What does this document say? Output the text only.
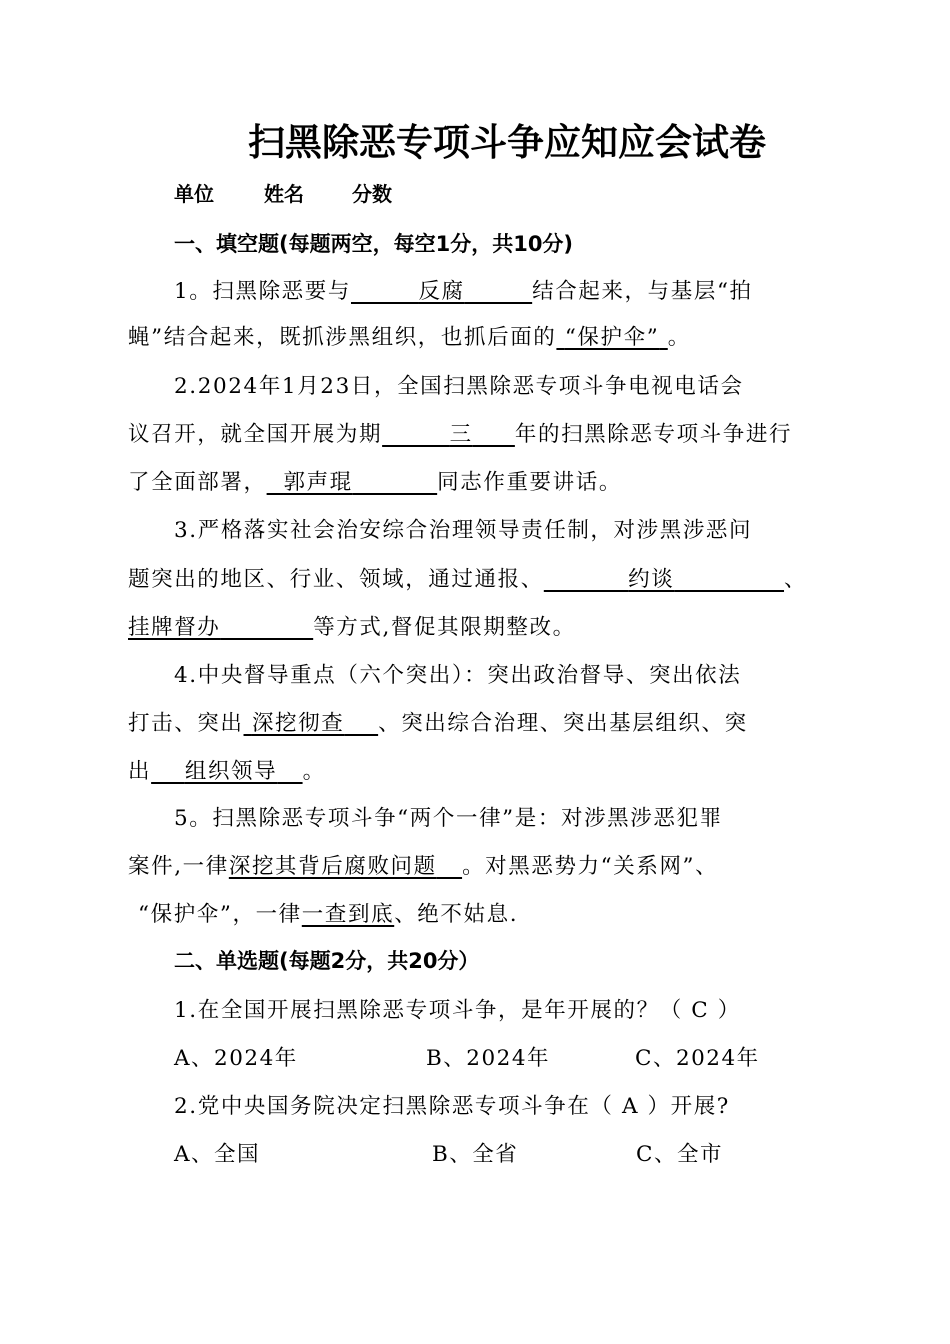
扫黑除恶专项斗争应知应会试卷
单位	姓名 分数
一、填空题(每题两空，每空1分，共10分)
1。扫黑除恶要与	反腐	结合起来，与基层“拍
蝇”结合起来，既抓涉黑组织，也抓后面的 “保护伞” 。
2.2024年1月23日，全国扫黑除恶专项斗争电视电话会
议召开，就全国开展为期	三 年的扫黑除恶专项斗争进行
了全面部署， 郭声琨	同志作重要讲话。
3.严格落实社会治安综合治理领导责任制，对涉黑涉恶问
题突出的地区、行业、领域，通过通报、	约谈	、
挂牌督办	等方式,督促其限期整改。
4.中央督导重点（六个突出）：突出政治督导、突出依法
打击、突出 深挖彻查 、突出综合治理、突出基层组织、突
出 组织领导 。
5。扫黑除恶专项斗争“两个一律”是：对涉黑涉恶犯罪
案件,一律深挖其背后腐败问题 。对黑恶势力“关系网”、
“保护伞”，一律一查到底、绝不姑息.
二、单选题(每题2分，共20分）
1.在全国开展扫黑除恶专项斗争，是年开展的？（ C ）
A、2024年	B、2024年	C、2024年
2.党中央国务院决定扫黑除恶专项斗争在（ A ）开展?
A、全国	B、全省	C、全市
